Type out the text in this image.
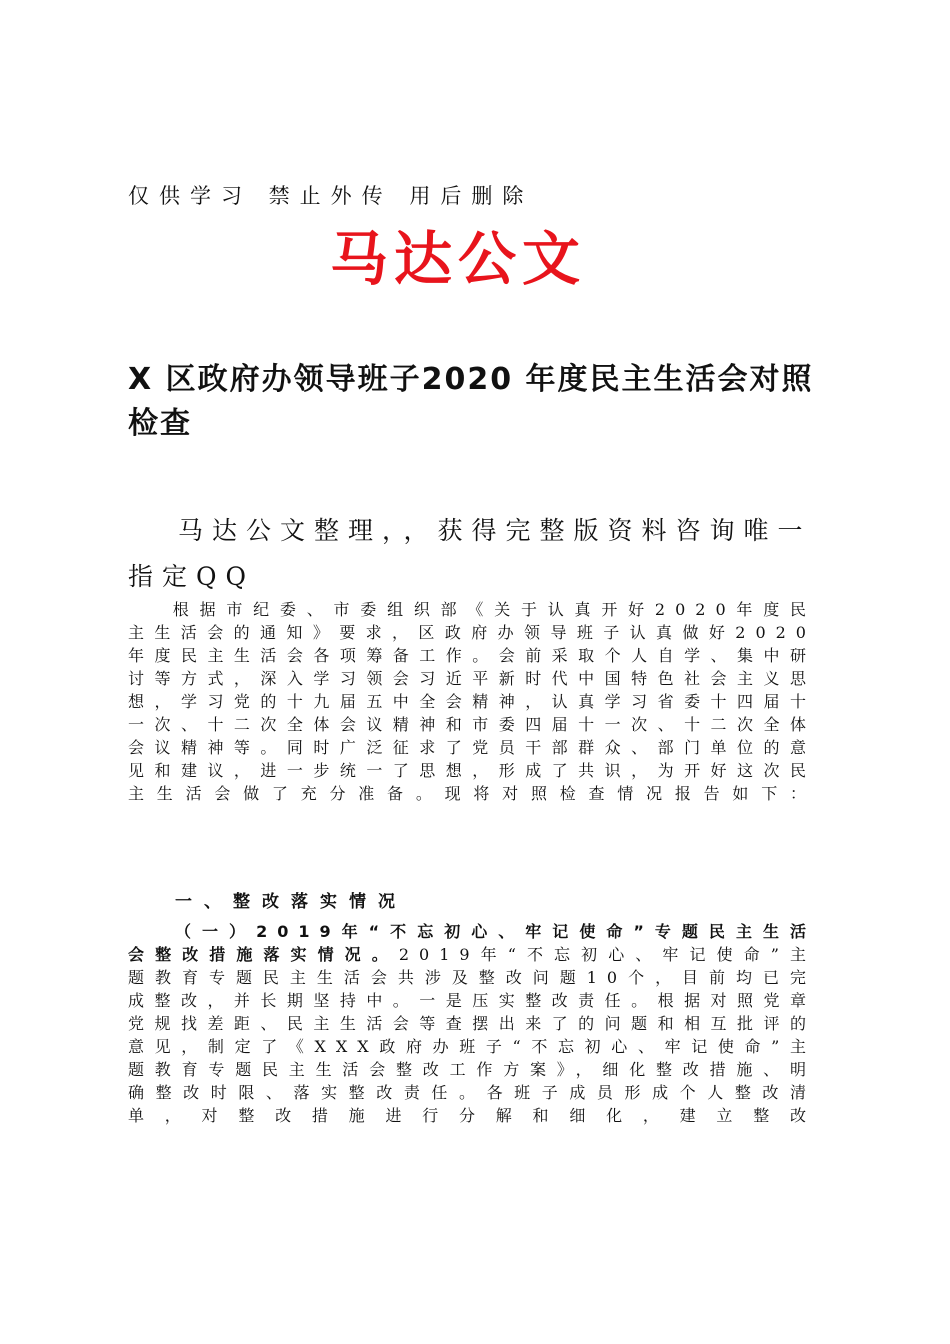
仅供学习 禁止外传 用后删除
马达公文
X 区政府办领导班子2020 年度民主生活会对照检查
马达公文整理，，获得完整版资料咨询唯一指定QQ
根据市纪委、市委组织部《关于认真开好2020年度民主生活会的通知》要求，区政府办领导班子认真做好2020年度民主生活会各项筹备工作。会前采取个人自学、集中研讨等方式，深入学习领会习近平新时代中国特色社会主义思想，学习党的十九届五中全会精神，认真学习省委十四届十一次、十二次全体会议精神和市委四届十一次、十二次全体会议精神等。同时广泛征求了党员干部群众、部门单位的意见和建议，进一步统一了思想，形成了共识，为开好这次民主生活会做了充分准备。现将对照检查情况报告如下：
一、整改落实情况
（一）2019年“不忘初心、牢记使命”专题民主生活会整改措施落实情况。2019年“不忘初心、牢记使命”主题教育专题民主生活会共涉及整改问题10个，目前均已完成整改，并长期坚持中。一是压实整改责任。根据对照党章党规找差距、民主生活会等查摆出来了的问题和相互批评的意见，制定了《XXX政府办班子“不忘初心、牢记使命”主题教育专题民主生活会整改工作方案》，细化整改措施、明确整改时限、落实整改责任。各班子成员形成个人整改清单，对整改措施进行分解和细化，建立整改
